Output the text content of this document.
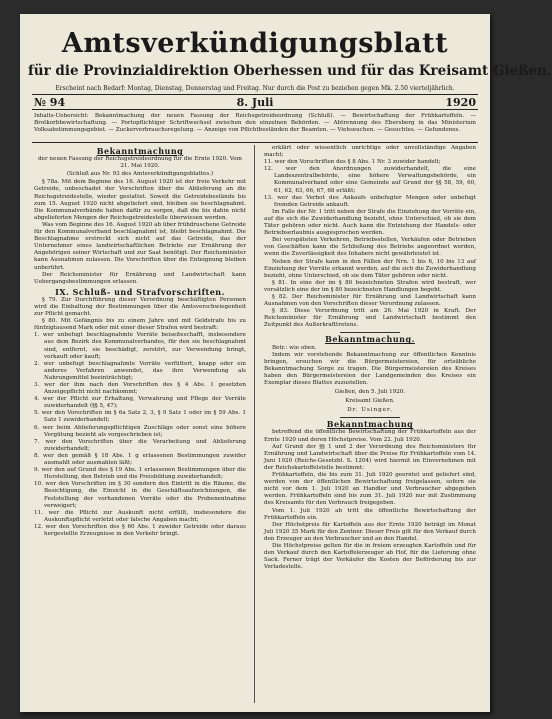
Amtsverkündigungsblatt
für die Provinzialdirektion Oberhessen und für das Kreisamt Gießen.
Erscheint nach Bedarf: Montag, Dienstag, Donnerstag und Freitag. Nur durch die Post zu beziehen gegen Mk. 2.50 vierteljährlich.
№ 94	8. Juli	1920
Inhalts-Uebersicht: Bekanntmachung der neuen Fassung der Reichsgetreideordnung (Schluß). — Bewirtschaftung der Frühkartoffeln. — Brotkorbbewirtschaftung. — Portopflichtiger Schriftwechsel zwischen den einzelnen Behörden. — Abtrennung des Ebersberg in das Ministerium Volksabstimmungsgebiet. — Zuckerverbrauchsregelung. — Anzeige von Pflichtbeständen der Beamten. — Viehseuchen. — Gesuchtes. — Gefundenes.
Bekanntmachung

der neuen Fassung der Reichsgetreideordnung für die Ernte 1920. Vom 21. Mai 1920.

(Schluß aus Nr. 93 des Amtsverkündigungsblattes.)

§ 78a. Mit dem Beginne des 16. August 1920 ist der freie Verkehr mit Getreide, unbeschadet der Vorschriften über die Ablieferung an die Reichsgetreidestelle, wieder gestattet. Soweit die Getreidebestände bis zum 15. August 1920 nicht abgeliefert sind, bleiben sie beschlagnahmt. Die Kommunalverbände haben dafür zu sorgen, daß die bis dahin nicht abgelieferten Mengen der Reichsgetreidestelle überwiesen werden.

Was vom Beginne des 16. August 1920 ab über frühdruschene Getreide für den Kommunalverband beschlagnahmt ist, bleibt beschlagnahmt. Die Beschlagnahme erstreckt sich nicht auf das Getreide, das der Unternehmer eines landwirtschaftlichen Betriebs zur Ernährung der Angehörigen seiner Wirtschaft und zur Saat benötigt. Der Reichsminister kann Ausnahmen zulassen. Die Vorschriften über die Enteignung bleiben unberührt.

Der Reichsminister für Ernährung und Landwirtschaft kann Uebergangsbestimmungen erlassen.

IX. Schluß- und Strafvorschriften.

§ 79. Zur Durchführung dieser Verordnung beschäftigten Personen wird die Einhaltung der Bestimmungen über die Amtsverschwiegenheit zur Pflicht gemacht.

§ 80. Mit Gefängnis bis zu einem Jahre und mit Geldstrafe bis zu fünfzigtausend Mark oder mit einer dieser Strafen wird bestraft:

1. wer unbefugt beschlagnahmte Vorräte beiseiteschafft, insbesondere aus dem Bezirk des Kommunalverbandes, für den sie beschlagnahmt sind, entfernt, sie beschädigt, zerstört, zur Verwendung bringt, verkauft oder kauft;

2. wer unbefugt beschlagnahmte Vorräte verfüttert, knapp oder ein anderes Verfahren anwendet, das ihre Verwendung als Nahrungsmittel beeinträchtigt;

3. wer der ihm nach den Vorschriften des § 4 Abs. 1 gesetzten Anzeigepflicht nicht nachkommt;

4. wer der Pflicht zur Erhaltung, Verwahrung und Pflege der Vorräte zuwiderhandelt (§§ 5, 47);

5. wer den Vorschriften im § 6a Satz 2, 3, § 9 Satz 1 oder im § 59 Abs. 1 Satz 1 zuwiderhandelt;

6. wer beim Ablieferungspflichtigen Zuschläge oder sonst eine höhere Vergütung bezieht als vorgeschrieben ist;

7. wer den Vorschriften über die Verarbeitung und Ablieferung zuwiderhandelt;

8. wer den gemäß § 18 Abs. 1 g erlassenen Bestimmungen zuwider ausmahlt oder ausmahlen läßt;

9. wer den auf Grund des § 19 Abs. 1 erlassenen Bestimmungen über die Herstellung, den Betrieb und die Preisbildung zuwiderhandelt;

10. wer den Vorschriften im § 30 sondern den Eintritt in die Räume, die Besichtigung, die Einsicht in die Geschäftsaufzeichnungen, die Feststellung der vorhandenen Vorräte oder die Probenentnahme verweigert;

11. wer die Pflicht zur Auskunft nicht erfüllt, insbesondere die Auskunftspflicht verletzt oder falsche Angaben macht;

12. wer den Vorschriften des § 60 Abs. 1 zuwider Getreide oder daraus hergestellte Erzeugnisse in den Verkehr bringt.

erklärt oder wissentlich unrichtige oder unvollständige Angaben macht;

11. wer den Vorschriften des § 8 Abs. 1 Nr. 3 zuwider handelt;

12. wer den Anordnungen zuwiderhandelt, die eine Landeszentralbehörde, eine höhere Verwaltungsbehörde, ein Kommunalverband oder eine Gemeinde auf Grund der §§ 58, 59, 60, 61, 62, 63, 66, 67, 68 erläßt;

13. wer das Verbot des Ankaufs unbefugter Mengen oder unbefugt fremden Getreide ankauft.

Im Falle der Nr. 1 tritt neben der Strafe die Einziehung der Vorräte ein, auf die sich die Zuwiderhandlung bezieht, ohne Unterschied, ob sie dem Täter gehören oder nicht. Auch kann die Entziehung der Handels- oder Betriebserlaubnis ausgesprochen werden.

Bei verspäteten Verkehren, Betriebsstellen, Verkäufen oder Betrieben von Geschäften kann die Schließung des Betriebs angeordnet werden, wenn die Zuverlässigkeit des Inhabers nicht gewährleistet ist.

Neben der Strafe kann in den Fällen der Nrn. 1 bis 6, 10 bis 13 auf Einziehung der Vorräte erkannt werden, auf die sich die Zuwiderhandlung bezieht, ohne Unterschied, ob sie dem Täter gehören oder nicht.

§ 81. In eine der im § 80 bezeichneten Strafen wird bestraft, wer vorsätzlich eine der im § 80 bezeichneten Handlungen begeht.

§ 82. Der Reichsminister für Ernährung und Landwirtschaft kann Ausnahmen von den Vorschriften dieser Verordnung zulassen.

§ 83. Diese Verordnung tritt am 26. Mai 1920 in Kraft. Der Reichsminister für Ernährung und Landwirtschaft bestimmt den Zeitpunkt des Außerkrafttretens.

Bekanntmachung.

Betr.: wie oben.

Indem wir vorstehende Bekanntmachung zur öffentlichen Kenntnis bringen, ersuchen wir die Bürgermeistereien, für ortsübliche Bekanntmachung Sorge zu tragen. Die Bürgermeistereien des Kreises haben den Bürgermeistereien der Landgemeinden des Kreises ein Exemplar dieses Blattes zuzustellen.

Gießen, den 5. Juli 1920.
Kreisamt Gießen.
Dr. Usinger.
Bekanntmachung

betreffend die öffentliche Bewirtschaftung der Frühkartoffeln aus der Ernte 1920 und deren Höchstpreise. Vom 22. Juli 1920.

Auf Grund der §§ 1 und 2 der Verordnung des Reichsministers für Ernährung und Landwirtschaft über die Preise für Frühkartoffeln vom 14. Juni 1920 (Reichs-Gesetzbl. S. 1204) wird hiermit im Einvernehmen mit der Reichskartoffelstelle bestimmt:

Frühkartoffeln, die bis zum 31. Juli 1920 geerntet und geliefert sind, werden von der öffentlichen Bewirtschaftung freigelassen, sofern sie nicht vor dem 1. Juli 1920 an Handler und Verbraucher abgegeben werden. Frühkartoffeln sind bis zum 31. Juli 1920 nur mit Zustimmung des Kreisamts für den Verbrauch freigegeben.

Vom 1. Juli 1920 ab tritt die öffentliche Bewirtschaftung der Frühkartoffeln ein.

Der Höchstpreis für Kartoffeln aus der Ernte 1920 beträgt im Monat Juli 1920 35 Mark für den Zentner. Dieser Preis gilt für den Verkauf durch den Erzeuger an den Verbraucher und an den Handel.

Die Höchstpreise gelten für die in freiem erzeugten Kartoffeln und für den Verkauf durch den Kartoffelerzeuger ab Hof, für die Lieferung ohne Sack. Ferner trägt der Verkäufer die Kosten der Beförderung bis zur Verladestelle.
